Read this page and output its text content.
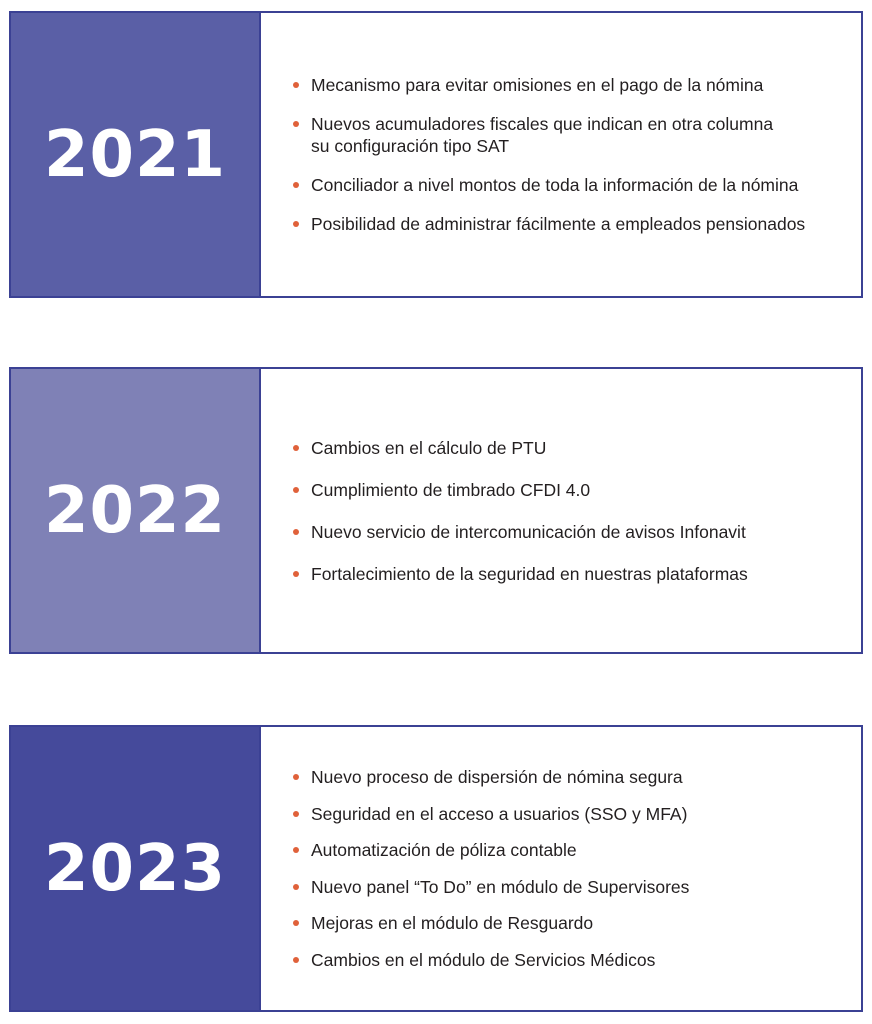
2021
Mecanismo para evitar omisiones en el pago de la nómina
Nuevos acumuladores fiscales que indican en otra columna
su configuración tipo SAT
Conciliador a nivel montos de toda la información de la nómina
Posibilidad de administrar fácilmente a empleados pensionados
2022
Cambios en el cálculo de PTU
Cumplimiento de timbrado CFDI 4.0
Nuevo servicio de intercomunicación de avisos Infonavit
Fortalecimiento de la seguridad en nuestras plataformas
2023
Nuevo proceso de dispersión de nómina segura
Seguridad en el acceso a usuarios (SSO y MFA)
Automatización de póliza contable
Nuevo panel “To Do” en módulo de Supervisores
Mejoras en el módulo de Resguardo
Cambios en el módulo de Servicios Médicos
